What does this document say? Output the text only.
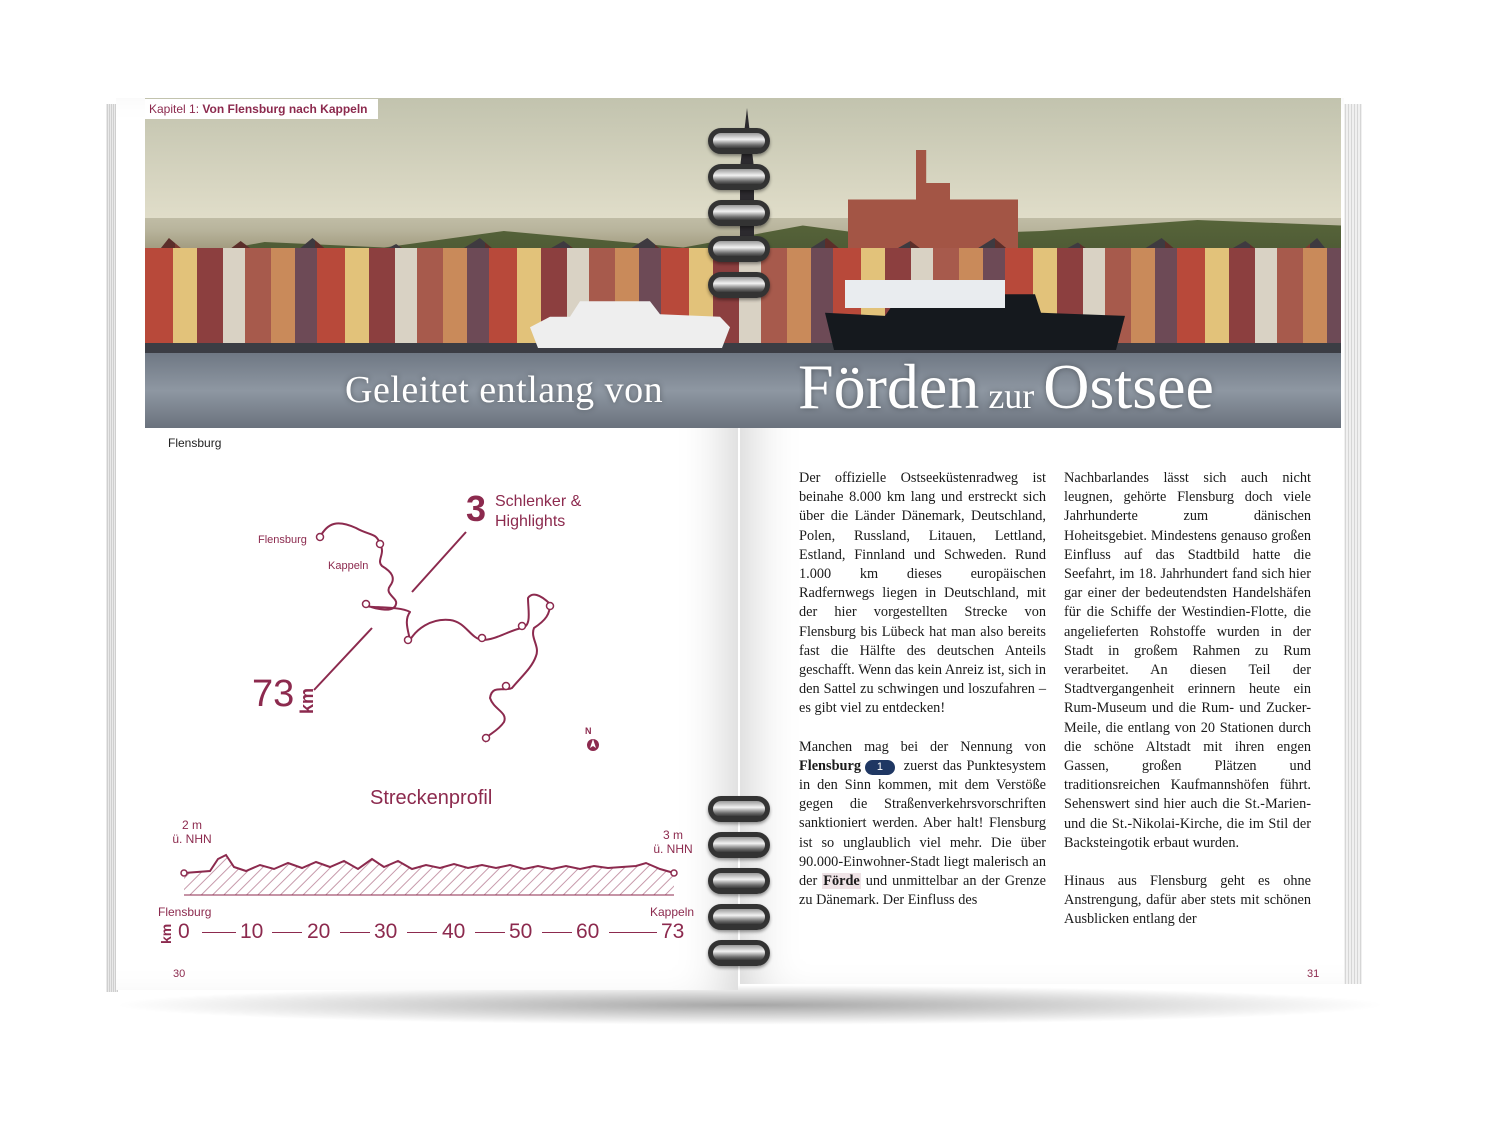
Kapitel 1: Von Flensburg nach Kappeln
Geleitet entlang von Förden zur Ostsee
Flensburg
Flensburg
Kappeln
N
3 Schlenker & Highlights
73 km
Streckenprofil
2 m
ü. NHN	3 m
ü. NHN
Flensburg	Kappeln
km 0 10 20 30 40 50 60	73
30	31

Der offizielle Ostseeküstenradweg ist beinahe 8.000 km lang und erstreckt sich über die Länder Dänemark, Deutschland, Polen, Russland, Litauen, Lettland, Estland, Finnland und Schweden. Rund 1.000 km dieses europäischen Radfernwegs liegen in Deutschland, mit der hier vorgestellten Strecke von Flensburg bis Lübeck hat man also bereits fast die Hälfte des deutschen Anteils geschafft. Wenn das kein Anreiz ist, sich in den Sattel zu schwingen und loszufahren – es gibt viel zu entdecken!

Manchen mag bei der Nennung von Flensburg 1 zuerst das Punktesystem in den Sinn kommen, mit dem Verstöße gegen die Straßenverkehrsvorschriften sanktioniert werden. Aber halt! Flensburg ist so unglaublich viel mehr. Die über 90.000-Einwohner-Stadt liegt malerisch an der Förde und unmittelbar an der Grenze zu Dänemark. Der Einfluss des

Nachbarlandes lässt sich auch nicht leugnen, gehörte Flensburg doch viele Jahrhunderte zum dänischen Hoheitsgebiet. Mindestens genauso großen Einfluss auf das Stadtbild hatte die Seefahrt, im 18. Jahrhundert fand sich hier gar einer der bedeutendsten Handelshäfen für die Schiffe der Westindien-Flotte, die angelieferten Rohstoffe wurden in der Stadt in großem Rahmen zu Rum verarbeitet. An diesen Teil der Stadtvergangenheit erinnern heute ein Rum-Museum und die Rum- und Zucker-Meile, die entlang von 20 Stationen durch die schöne Altstadt mit ihren engen Gassen, großen Plätzen und traditionsreichen Kaufmannshöfen führt. Sehenswert sind hier auch die St.-Marien- und die St.-Nikolai-Kirche, die im Stil der Backsteingotik erbaut wurden.

Hinaus aus Flensburg geht es ohne Anstrengung, dafür aber stets mit schönen Ausblicken entlang der
